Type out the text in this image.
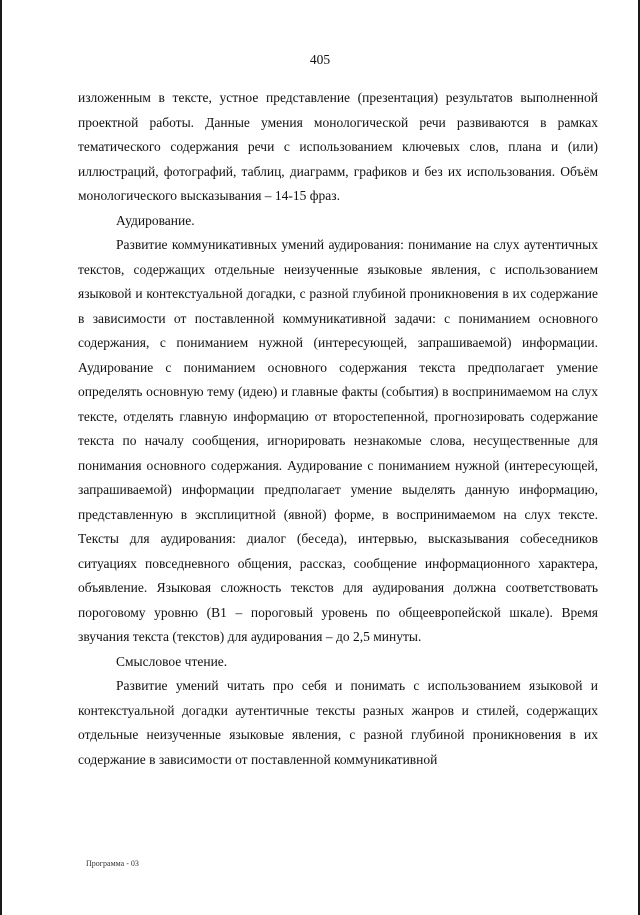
405

изложенным в тексте, устное представление (презентация) результатов выполненной проектной работы. Данные умения монологической речи развиваются в рамках тематического содержания речи с использованием ключевых слов, плана и (или) иллюстраций, фотографий, таблиц, диаграмм, графиков и без их использования. Объём монологического высказывания – 14-15 фраз.

Аудирование.

Развитие коммуникативных умений аудирования: понимание на слух аутентичных текстов, содержащих отдельные неизученные языковые явления, с использованием языковой и контекстуальной догадки, с разной глубиной проникновения в их содержание в зависимости от поставленной коммуникативной задачи: с пониманием основного содержания, с пониманием нужной (интересующей, запрашиваемой) информации. Аудирование с пониманием основного содержания текста предполагает умение определять основную тему (идею) и главные факты (события) в воспринимаемом на слух тексте, отделять главную информацию от второстепенной, прогнозировать содержание текста по началу сообщения, игнорировать незнакомые слова, несущественные для понимания основного содержания. Аудирование с пониманием нужной (интересующей, запрашиваемой) информации предполагает умение выделять данную информацию, представленную в эксплицитной (явной) форме, в воспринимаемом на слух тексте. Тексты для аудирования: диалог (беседа), интервью, высказывания собеседников ситуациях повседневного общения, рассказ, сообщение информационного характера, объявление. Языковая сложность текстов для аудирования должна соответствовать пороговому уровню (B1 – пороговый уровень по общеевропейской шкале). Время звучания текста (текстов) для аудирования – до 2,5 минуты.

Смысловое чтение.

Развитие умений читать про себя и понимать с использованием языковой и контекстуальной догадки аутентичные тексты разных жанров и стилей, содержащих отдельные неизученные языковые явления, с разной глубиной проникновения в их содержание в зависимости от поставленной коммуникативной

Программа - 03
